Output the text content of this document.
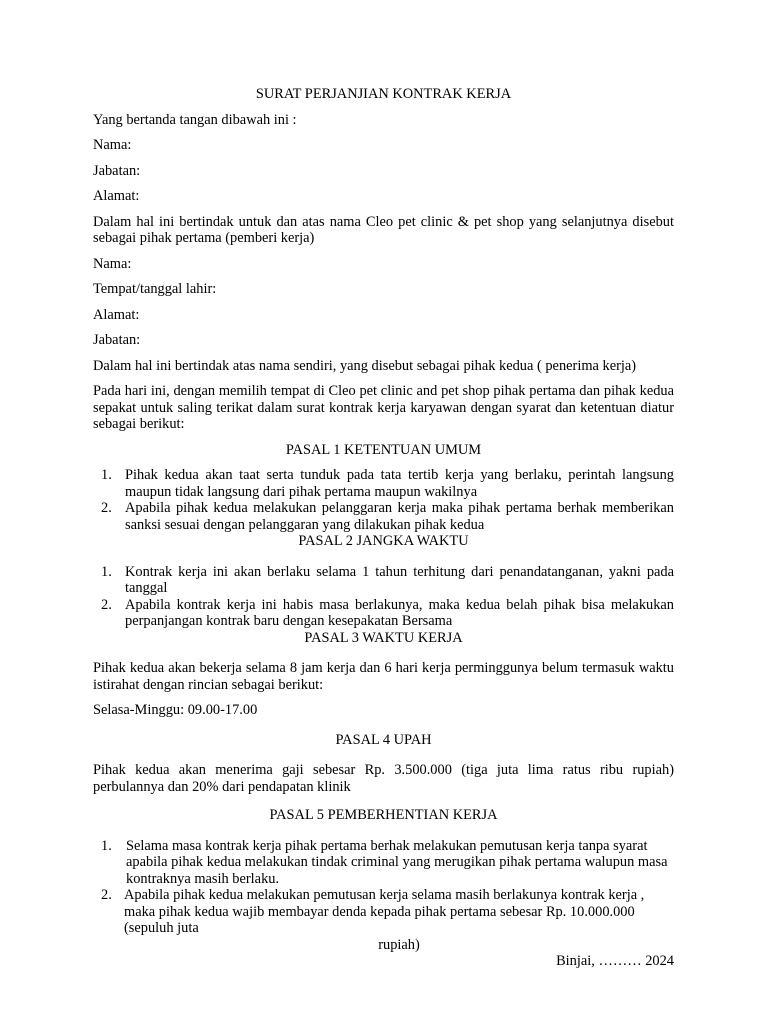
SURAT PERJANJIAN KONTRAK KERJA
Yang bertanda tangan dibawah ini :
Nama:
Jabatan:
Alamat:
Dalam hal ini bertindak untuk dan atas nama Cleo pet clinic & pet shop yang selanjutnya disebut sebagai pihak pertama (pemberi kerja)
Nama:
Tempat/tanggal lahir:
Alamat:
Jabatan:
Dalam hal ini bertindak atas nama sendiri, yang disebut sebagai pihak kedua ( penerima kerja)
Pada hari ini, dengan memilih tempat di Cleo pet clinic and pet shop pihak pertama dan pihak kedua sepakat untuk saling terikat dalam surat kontrak kerja karyawan dengan syarat dan ketentuan diatur sebagai berikut:
PASAL 1 KETENTUAN UMUM
1. Pihak kedua akan taat serta tunduk pada tata tertib kerja yang berlaku, perintah langsung maupun tidak langsung dari pihak pertama maupun wakilnya
2. Apabila pihak kedua melakukan pelanggaran kerja maka pihak pertama berhak memberikan sanksi sesuai dengan pelanggaran yang dilakukan pihak kedua
PASAL 2 JANGKA WAKTU
1. Kontrak kerja ini akan berlaku selama 1 tahun terhitung dari penandatanganan, yakni pada tanggal
2. Apabila kontrak kerja ini habis masa berlakunya, maka kedua belah pihak bisa melakukan perpanjangan kontrak baru dengan kesepakatan Bersama
PASAL 3 WAKTU KERJA
Pihak kedua akan bekerja selama 8 jam kerja dan 6 hari kerja perminggunya belum termasuk waktu istirahat dengan rincian sebagai berikut:
Selasa-Minggu: 09.00-17.00
PASAL 4 UPAH
Pihak kedua akan menerima gaji sebesar Rp. 3.500.000 (tiga juta lima ratus ribu rupiah) perbulannya dan 20% dari pendapatan klinik
PASAL 5 PEMBERHENTIAN KERJA
1. Selama masa kontrak kerja pihak pertama berhak melakukan pemutusan kerja tanpa syarat apabila pihak kedua melakukan tindak criminal yang merugikan pihak pertama walupun masa kontraknya masih berlaku.
2. Apabila pihak kedua melakukan pemutusan kerja selama masih berlakunya kontrak kerja , maka pihak kedua wajib membayar denda kepada pihak pertama sebesar Rp. 10.000.000 (sepuluh juta
rupiah)
Binjai, ……… 2024
